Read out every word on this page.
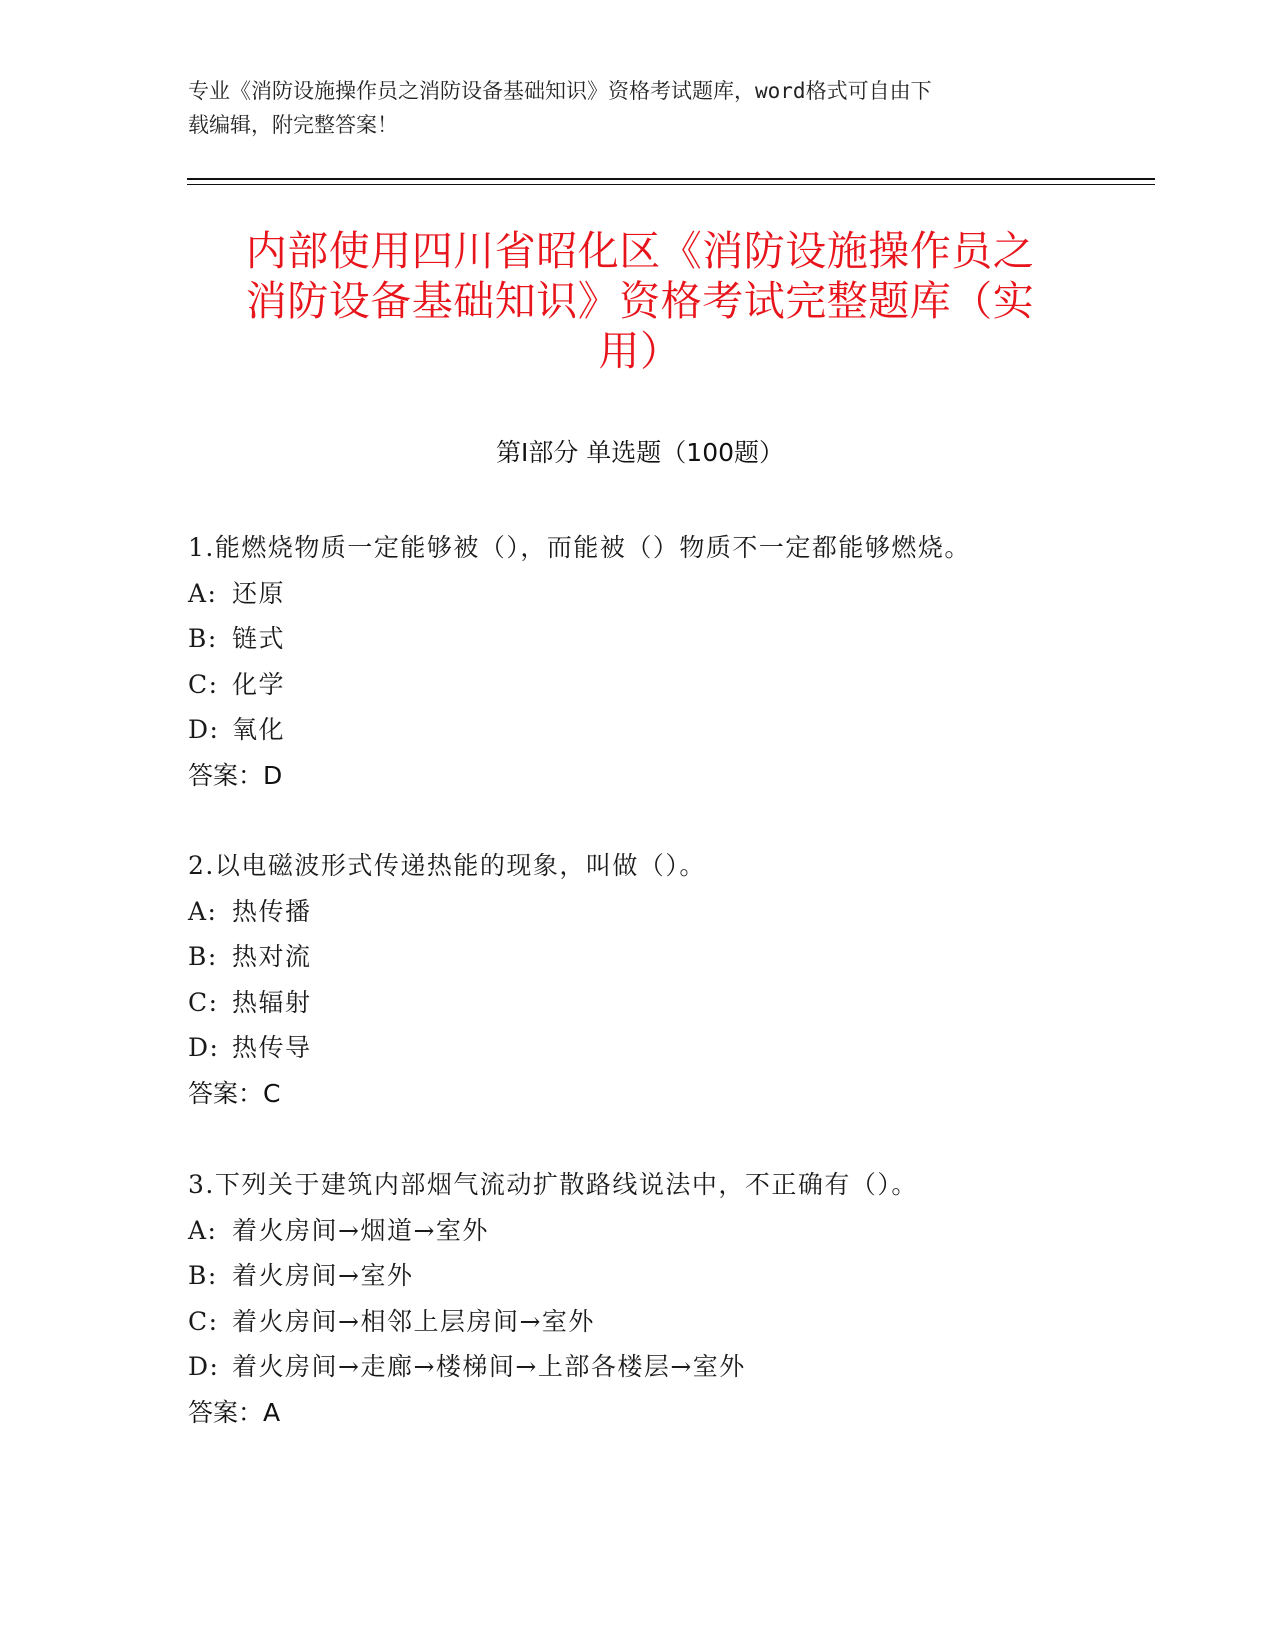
专业《消防设施操作员之消防设备基础知识》资格考试题库，word格式可自由下
载编辑，附完整答案！
内部使用四川省昭化区《消防设施操作员之
消防设备基础知识》资格考试完整题库（实
用）
第Ⅰ部分 单选题（100题）
1.能燃烧物质一定能够被（），而能被（）物质不一定都能够燃烧。
A: 还原
B: 链式
C: 化学
D: 氧化
答案：D
2.以电磁波形式传递热能的现象，叫做（）。
A: 热传播
B: 热对流
C: 热辐射
D: 热传导
答案：C
3.下列关于建筑内部烟气流动扩散路线说法中，不正确有（）。
A: 着火房间→烟道→室外
B: 着火房间→室外
C: 着火房间→相邻上层房间→室外
D: 着火房间→走廊→楼梯间→上部各楼层→室外
答案：A
